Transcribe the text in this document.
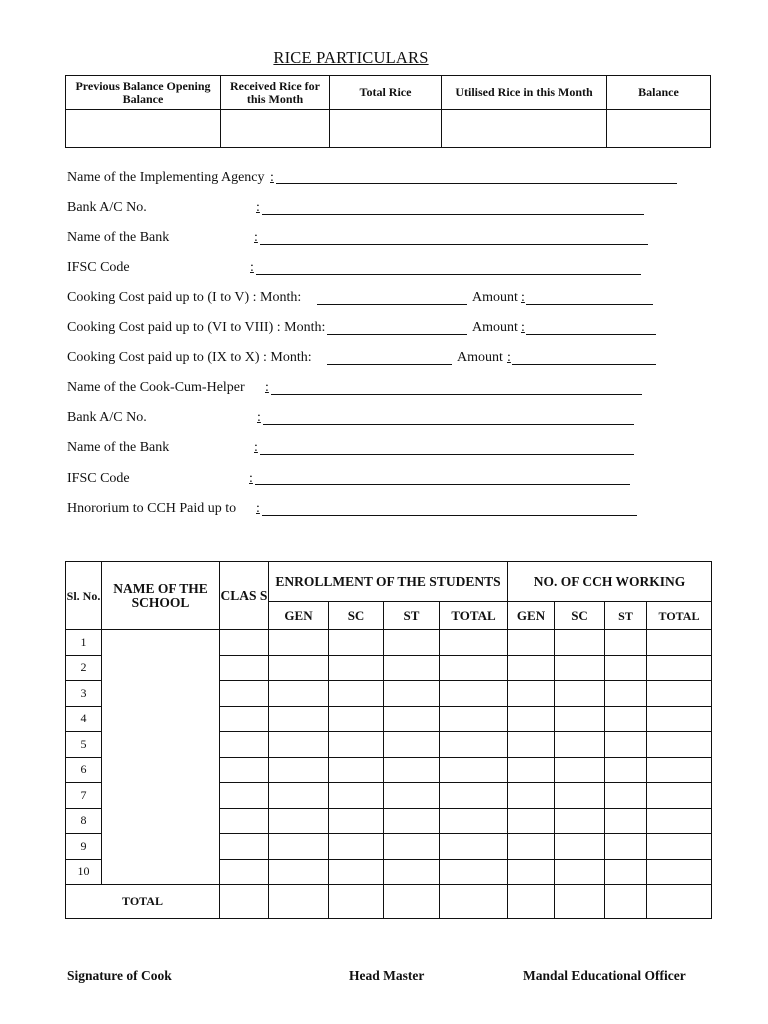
RICE PARTICULARS
Previous Balance Opening Balance	Received Rice for this Month	Total Rice	Utilised Rice in this Month	Balance

Name of the Implementing Agency :
Bank A/C No.	:
Name of the Bank	:
IFSC Code	:
Cooking Cost paid up to (I to V) : Month:	Amount :
Cooking Cost paid up to (VI to VIII) : Month:	Amount :
Cooking Cost paid up to (IX to X) : Month:	Amount :
Name of the Cook-Cum-Helper :
Bank A/C No.	:
Name of the Bank	:
IFSC Code	:
Hnororium to CCH Paid up to :
Sl. No.	NAME OF THE SCHOOL	CLAS S	ENROLLMENT OF THE STUDENTS				NO. OF CCH WORKING			
			GEN	SC	ST	TOTAL	GEN	SC	ST	TOTAL
1										
2										
3										
4										
5										
6										
7										
8										
9										
10										
TOTAL										
Signature of Cook	Head Master	Mandal Educational Officer
